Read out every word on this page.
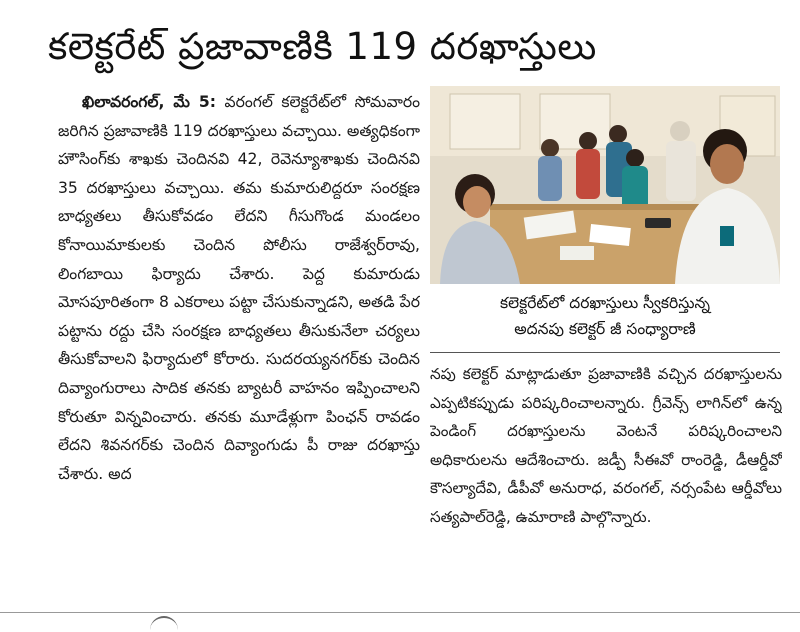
కలెక్టరేట్ ప్రజావాణికి 119 దరఖాస్తులు

ఖిలావరంగల్, మే 5: వరంగల్ కలెక్టరేట్‌లో సోమవారం జరిగిన ప్రజావాణికి 119 దరఖాస్తులు వచ్చాయి. అత్యధికంగా హౌసింగ్‌కు శాఖకు చెందినవి 42, రెవెన్యూశాఖకు చెందినవి 35 దరఖాస్తులు వచ్చాయి. తమ కుమారులిద్దరూ సంరక్షణ బాధ్యతలు తీసుకోవడం లేదని గీసుగొండ మండలం కోనాయిమాకులకు చెందిన పోలీసు రాజేశ్వర్‌రావు, లింగబాయి ఫిర్యాదు చేశారు. పెద్ద కుమారుడు మోసపూరితంగా 8 ఎకరాలు పట్టా చేసుకున్నాడని, అతడి పేర పట్టాను రద్దు చేసి సంరక్షణ బాధ్యతలు తీసుకునేలా చర్యలు తీసుకోవాలని ఫిర్యాదులో కోరారు. సుదరయ్యనగర్‌కు చెందిన దివ్యాంగురాలు సాదిక తనకు బ్యాటరీ వాహనం ఇప్పించాలని కోరుతూ విన్నవించారు. తనకు మూడేళ్లుగా పింఛన్ రావడం లేదని శివనగర్‌కు చెందిన దివ్యాంగుడు పీ రాజు దరఖాస్తు చేశారు. అద

కలెక్టరేట్‌లో దరఖాస్తులు స్వీకరిస్తున్న
అదనపు కలెక్టర్ జీ సంధ్యారాణి

నపు కలెక్టర్ మాట్లాడుతూ ప్రజావాణికి వచ్చిన దరఖాస్తులను ఎప్పటికప్పుడు పరిష్కరించాలన్నారు. గ్రీవెన్స్ లాగిన్‌లో ఉన్న పెండింగ్ దరఖాస్తులను వెంటనే పరిష్కరించాలని అధికారులను ఆదేశించారు. జడ్పీ సీఈవో రాంరెడ్డి, డీఆర్డీవో కౌసల్యాదేవి, డీపీవో అనురాధ, వరంగల్, నర్సంపేట ఆర్డీవోలు సత్యపాల్‌రెడ్డి, ఉమారాణి పాల్గొన్నారు.
